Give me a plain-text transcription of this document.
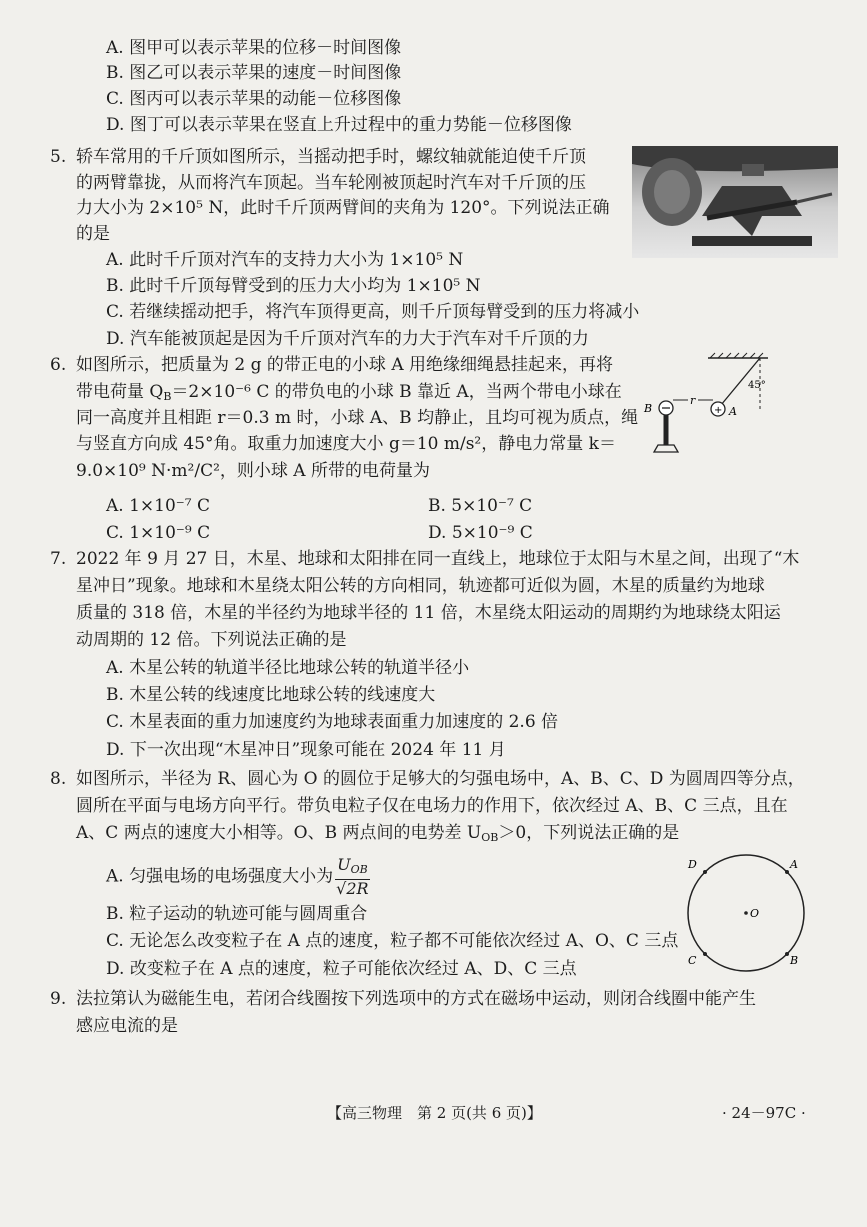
A. 图甲可以表示苹果的位移－时间图像
B. 图乙可以表示苹果的速度－时间图像
C. 图丙可以表示苹果的动能－位移图像
D. 图丁可以表示苹果在竖直上升过程中的重力势能－位移图像
5. 轿车常用的千斤顶如图所示，当摇动把手时，螺纹轴就能迫使千斤顶
的两臂靠拢，从而将汽车顶起。当车轮刚被顶起时汽车对千斤顶的压
力大小为 2×10⁵ N，此时千斤顶两臂间的夹角为 120°。下列说法正确
的是
A. 此时千斤顶对汽车的支持力大小为 1×10⁵ N
B. 此时千斤顶每臂受到的压力大小均为 1×10⁵ N
C. 若继续摇动把手，将汽车顶得更高，则千斤顶每臂受到的压力将减小
D. 汽车能被顶起是因为千斤顶对汽车的力大于汽车对千斤顶的力
6. 如图所示，把质量为 2 g 的带正电的小球 A 用绝缘细绳悬挂起来，再将
带电荷量 $Q_B=2\times 10^{-6}$ C 的带负电的小球 B 靠近 A，当两个带电小球在
同一高度并且相距 r＝0.3 m 时，小球 A、B 均静止，且均可视为质点，绳
与竖直方向成 45°角。取重力加速度大小 g＝10 m/s²，静电力常量 k＝
9.0×10⁹ N·m²/C²，则小球 A 所带的电荷量为
A. 1×10⁻⁷ C	B. 5×10⁻⁷ C
C. 1×10⁻⁹ C	D. 5×10⁻⁹ C
45°
+ A
B
r
7. 2022 年 9 月 27 日，木星、地球和太阳排在同一直线上，地球位于太阳与木星之间，出现了“木
星冲日”现象。地球和木星绕太阳公转的方向相同，轨迹都可近似为圆，木星的质量约为地球
质量的 318 倍，木星的半径约为地球半径的 11 倍，木星绕太阳运动的周期约为地球绕太阳运
动周期的 12 倍。下列说法正确的是
A. 木星公转的轨道半径比地球公转的轨道半径小
B. 木星公转的线速度比地球公转的线速度大
C. 木星表面的重力加速度约为地球表面重力加速度的 2.6 倍
D. 下一次出现“木星冲日”现象可能在 2024 年 11 月
8. 如图所示，半径为 R、圆心为 O 的圆位于足够大的匀强电场中，A、B、C、D 为圆周四等分点，
圆所在平面与电场方向平行。带负电粒子仅在电场力的作用下，依次经过 A、B、C 三点，且在
A、C 两点的速度大小相等。O、B 两点间的电势差 $U_{OB}>0$，下列说法正确的是
A. 匀强电场的电场强度大小为 $\frac{U_{OB}}{√2R}$
B. 粒子运动的轨迹可能与圆周重合
C. 无论怎么改变粒子在 A 点的速度，粒子都不可能依次经过 A、O、C 三点
D. 改变粒子在 A 点的速度，粒子可能依次经过 A、D、C 三点
O
D	A
C	B
9. 法拉第认为磁能生电，若闭合线圈按下列选项中的方式在磁场中运动，则闭合线圈中能产生
感应电流的是
【高三物理　第 2 页(共 6 页)】	· 24－97C ·
